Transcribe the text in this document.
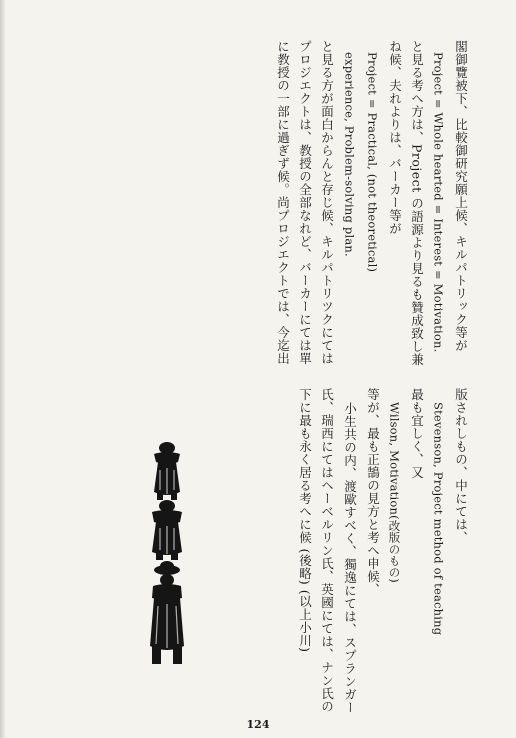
閣御覽被下、比較御研究願上候、キルパトリック等が
Project = Whole hearted = Interest = Motivation.
と見る考へ方は、Project の語源より見るも贊成致し兼
ね候、夫れよりは、バーカー等が
Project = Practical, (not theoretical)
experience, Problem-solving plan.
と見る方が面白からんと存じ候、キルパトリツクにては
プロジエクトは、教授の全部なれど、バーカーにては單
に教授の一部に過ぎず候。尚プロジエクトでは、今迄出
版されしもの、中にては、
Stevenson, Project method of teaching
最も宜しく、又
Wilson, Motivation(改版のもの)
等が、最も正鵠の見方と考へ申候、
小生共の内、渡歐すべく、獨逸にては、スプランガー
氏、瑞西にてはヘーベルリン氏、英國にては、ナン氏の
下に最も永く居る考へに候 (後略) (以上小川)
124
